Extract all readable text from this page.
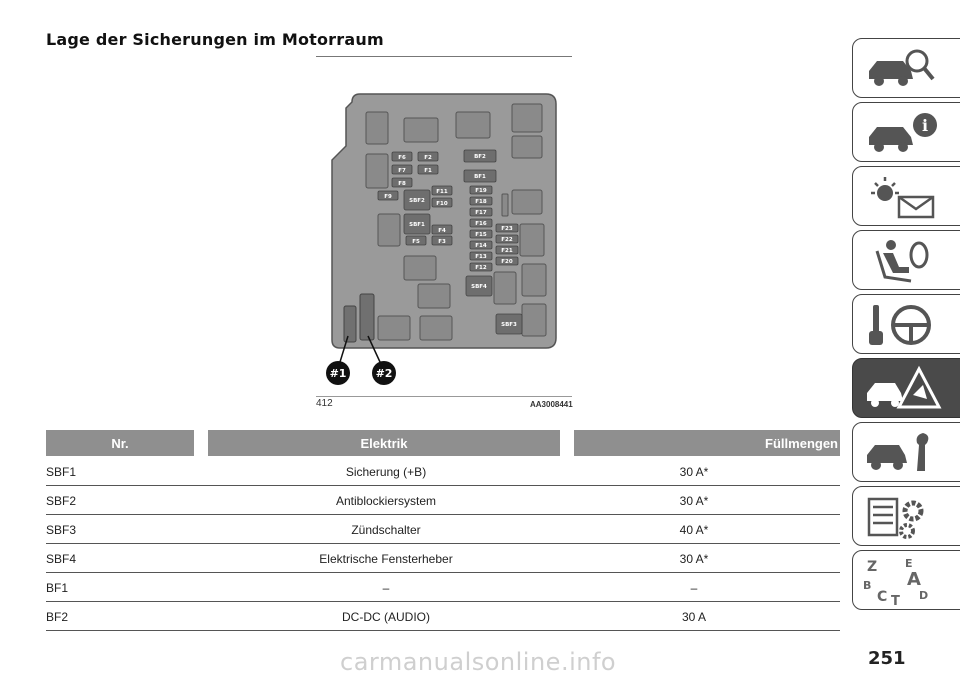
Lage der Sicherungen im Motorraum
F6	F2
F7	F1
F8
BF2
BF1
F9
SBF2
F11
F10
SBF1
F4
F5	F3
F19
F18
F17
F16
F15
F14
F13
F12
F23
F22
F21
F20
SBF4
SBF3
#1	#2
412	AA3008441
Nr.	Elektrik	Füllmengen
SBF1	Sicherung (+B)	30 A*
SBF2	Antiblockiersystem	30 A*
SBF3	Zündschalter	40 A*
SBF4	Elektrische Fensterheber	30 A*
BF1	–	–
BF2	DC-DC (AUDIO)	30 A
i
Z	E
A
B
C	D
T
251
carmanualsonline.info
